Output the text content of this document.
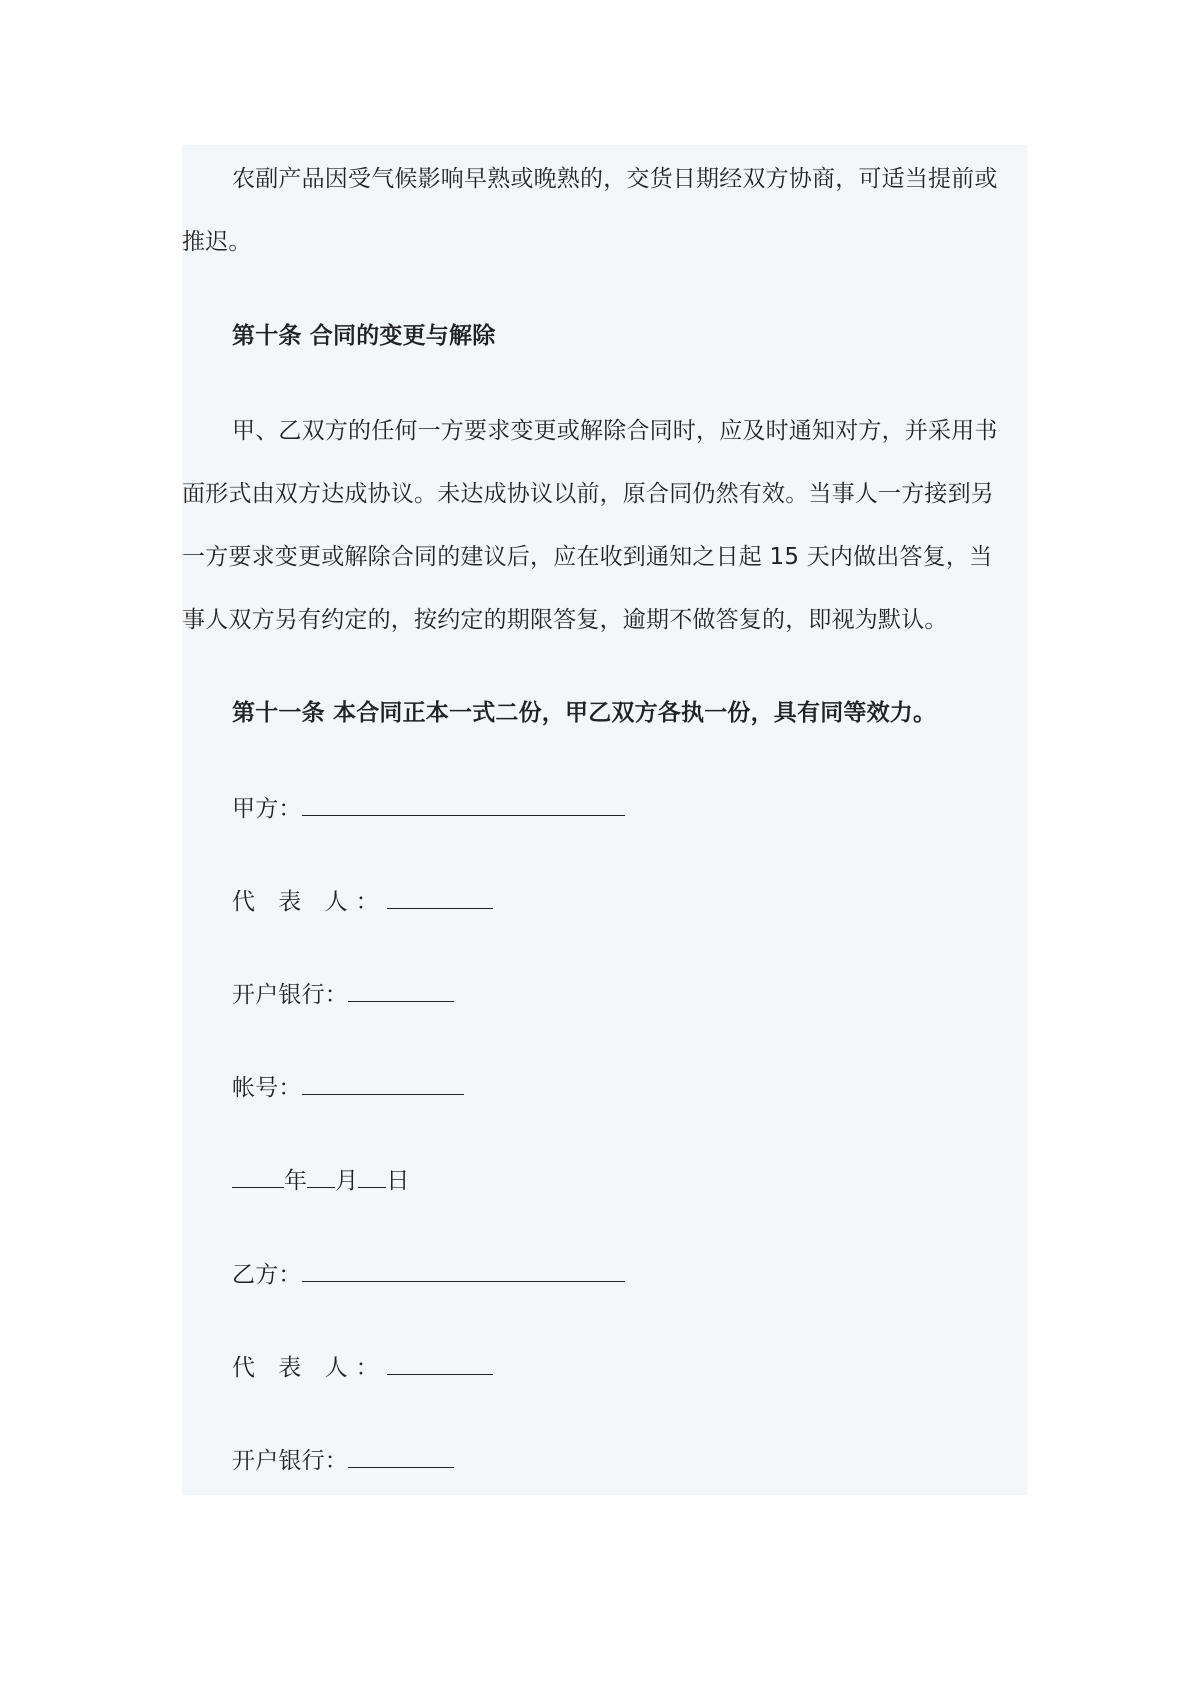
农副产品因受气候影响早熟或晚熟的，交货日期经双方协商，可适当提前或
推迟。
第十条 合同的变更与解除
甲、乙双方的任何一方要求变更或解除合同时，应及时通知对方，并采用书
面形式由双方达成协议。未达成协议以前，原合同仍然有效。当事人一方接到另
一方要求变更或解除合同的建议后，应在收到通知之日起 15 天内做出答复，当
事人双方另有约定的，按约定的期限答复，逾期不做答复的，即视为默认。
第十一条 本合同正本一式二份，甲乙双方各执一份，具有同等效力。
甲方：
代 表 人：
开户银行：
帐号：
年 月 日
乙方：
代 表 人：
开户银行：
